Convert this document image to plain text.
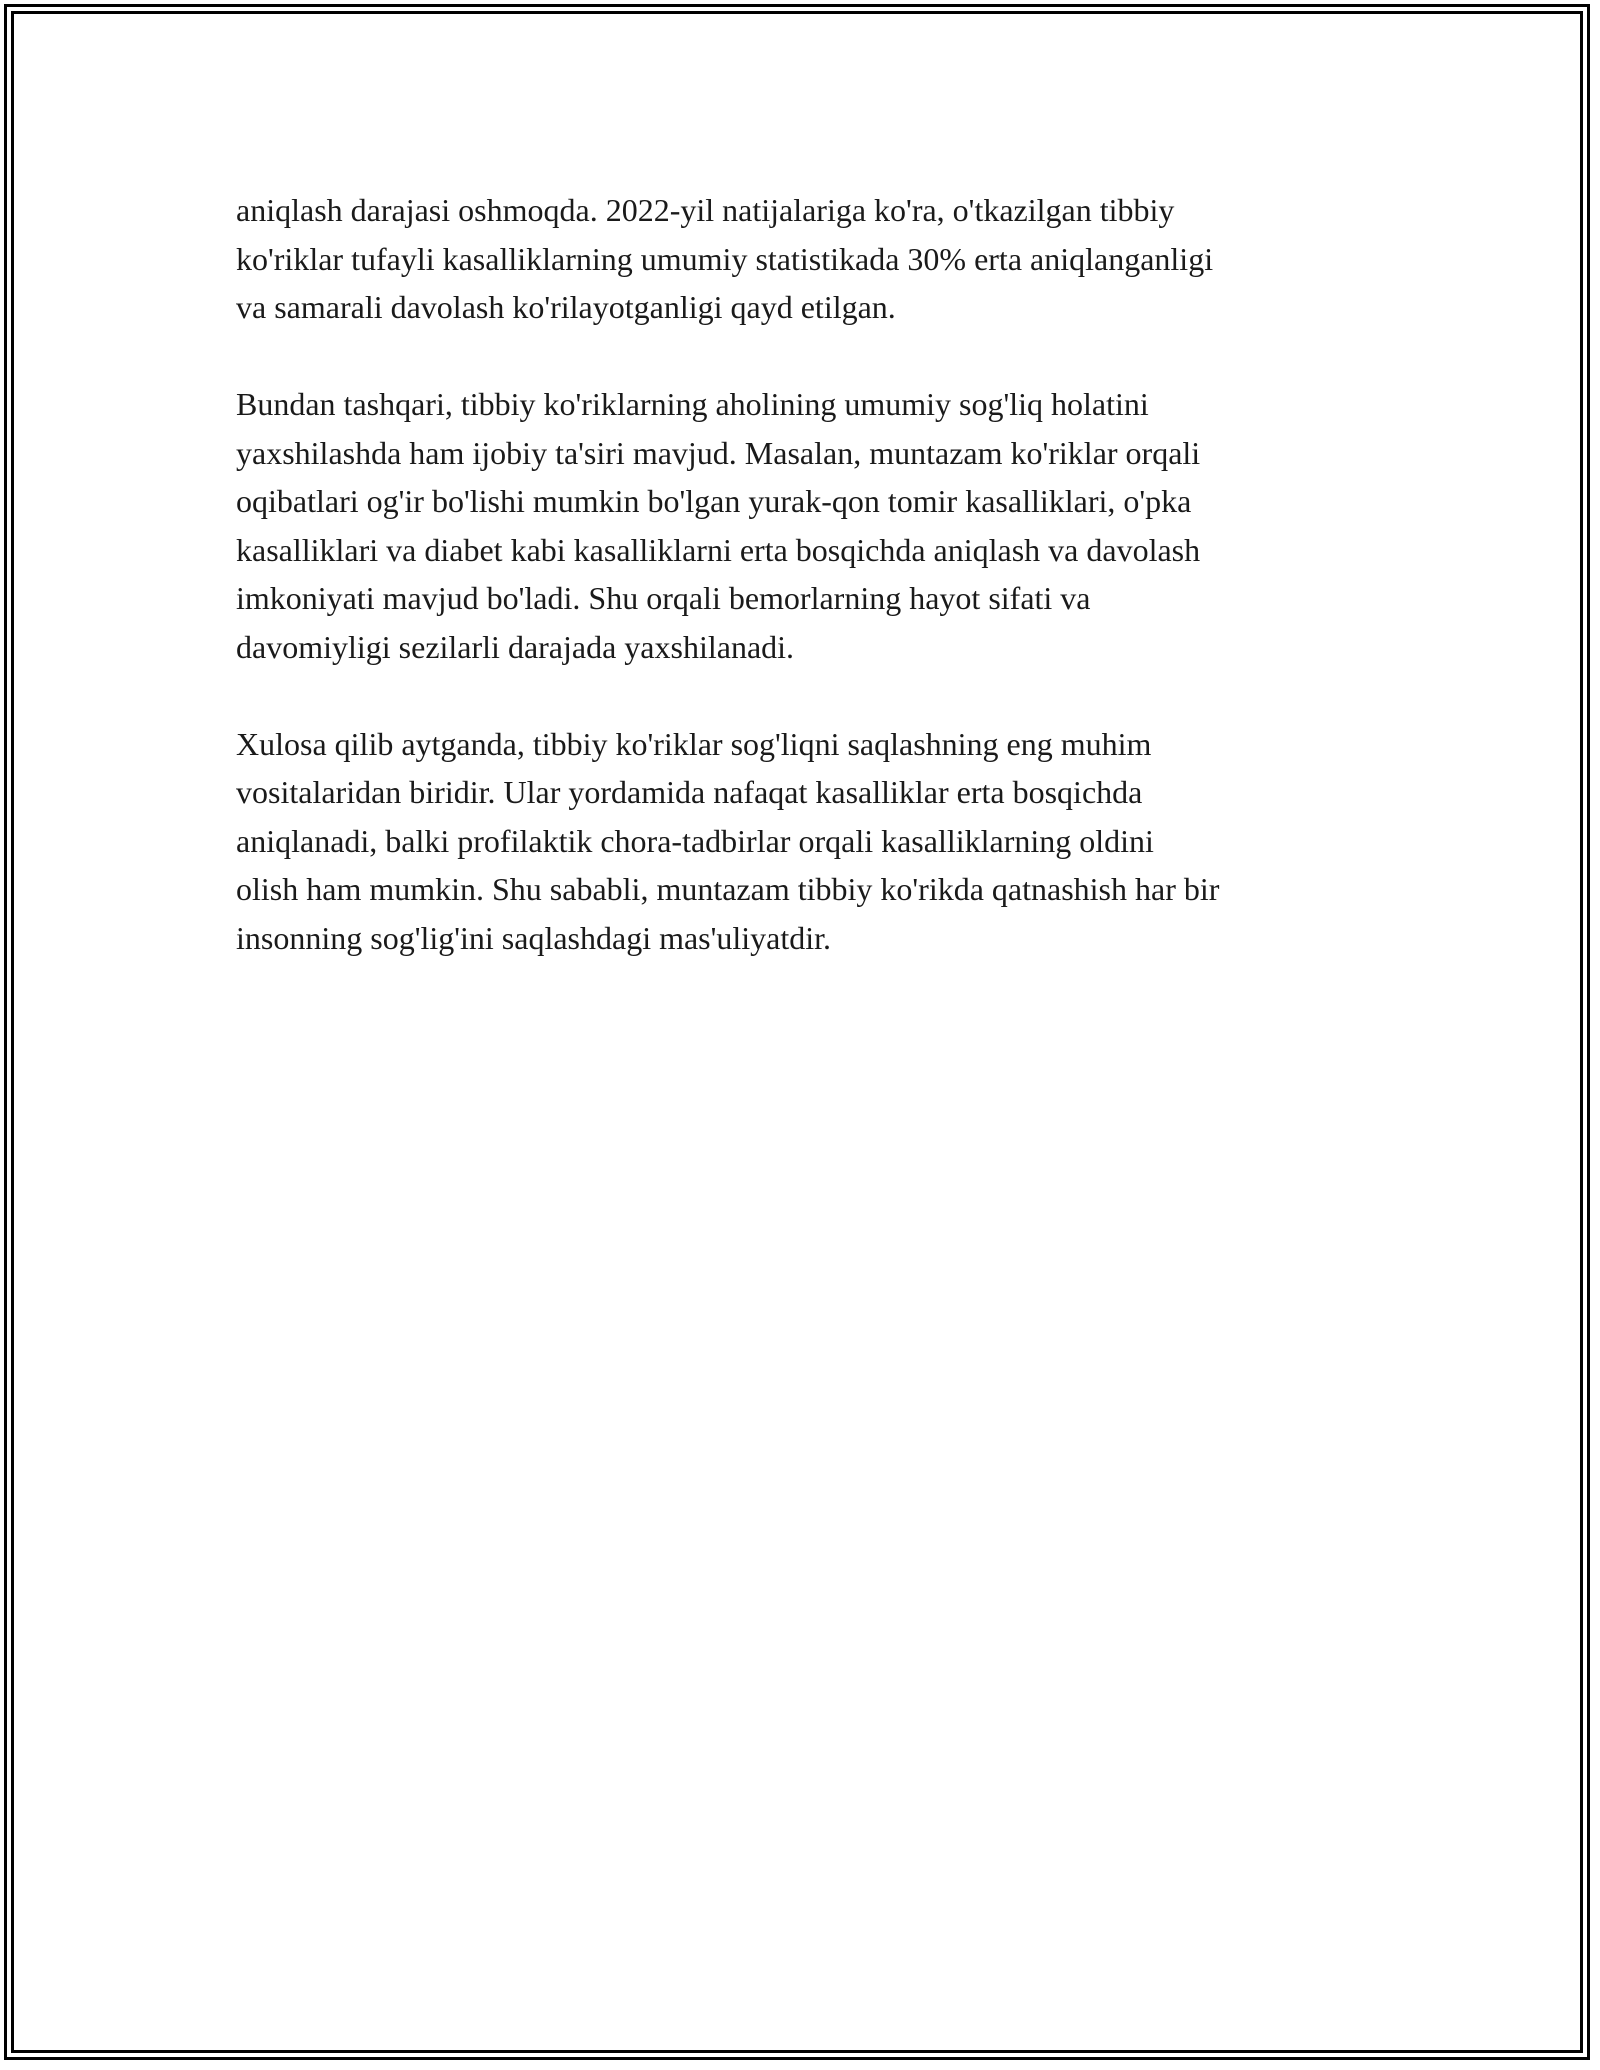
aniqlash darajasi oshmoqda. 2022-yil natijalariga ko'ra, o'tkazilgan tibbiy
ko'riklar tufayli kasalliklarning umumiy statistikada 30% erta aniqlanganligi
va samarali davolash ko'rilayotganligi qayd etilgan.
Bundan tashqari, tibbiy ko'riklarning aholining umumiy sog'liq holatini
yaxshilashda ham ijobiy ta'siri mavjud. Masalan, muntazam ko'riklar orqali
oqibatlari og'ir bo'lishi mumkin bo'lgan yurak-qon tomir kasalliklari, o'pka
kasalliklari va diabet kabi kasalliklarni erta bosqichda aniqlash va davolash
imkoniyati mavjud bo'ladi. Shu orqali bemorlarning hayot sifati va
davomiyligi sezilarli darajada yaxshilanadi.
Xulosa qilib aytganda, tibbiy ko'riklar sog'liqni saqlashning eng muhim
vositalaridan biridir. Ular yordamida nafaqat kasalliklar erta bosqichda
aniqlanadi, balki profilaktik chora-tadbirlar orqali kasalliklarning oldini
olish ham mumkin. Shu sababli, muntazam tibbiy ko'rikda qatnashish har bir
insonning sog'lig'ini saqlashdagi mas'uliyatdir.
